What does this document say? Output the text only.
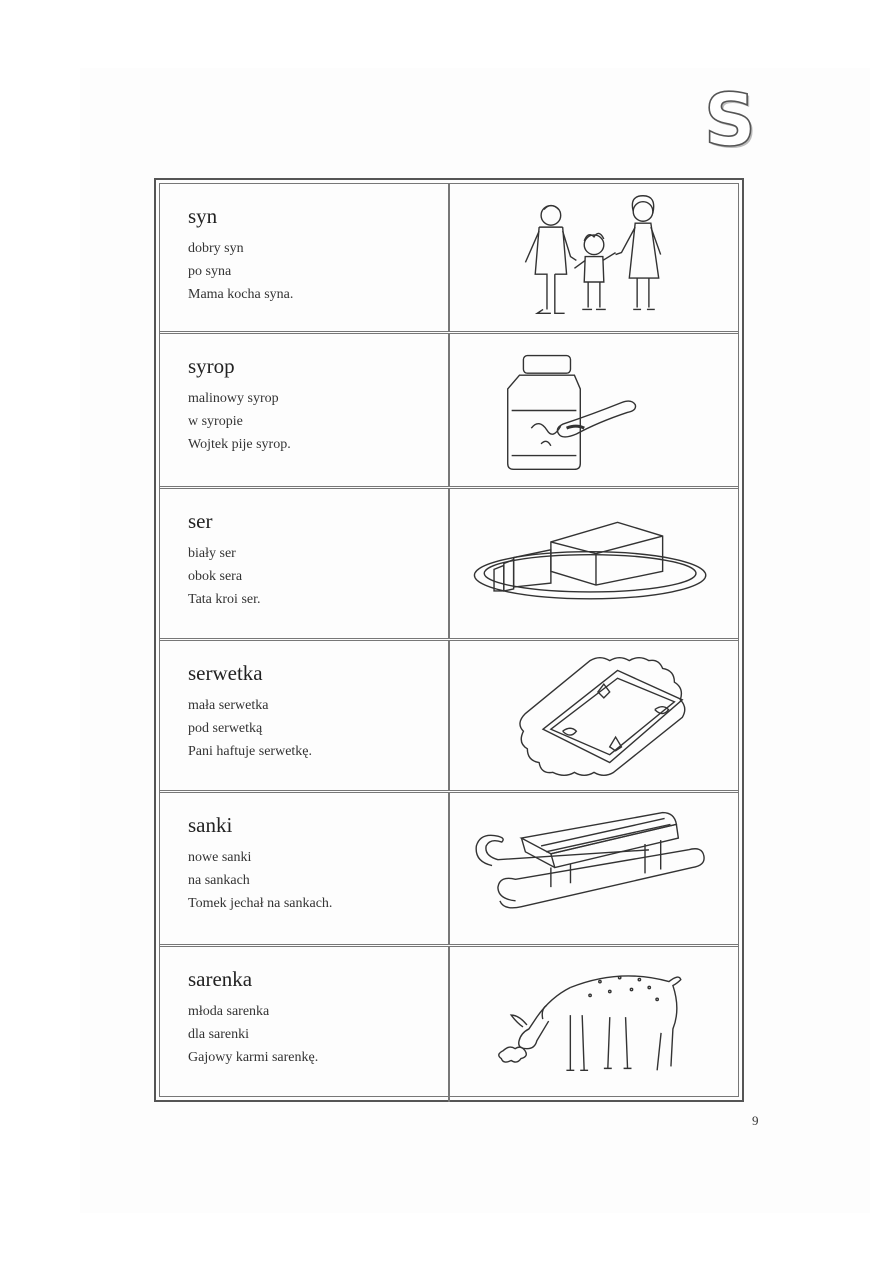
S
syn
dobry syn
po syna
Mama kocha syna.
syrop
malinowy syrop
w syropie
Wojtek pije syrop.
ser
biały ser
obok sera
Tata kroi ser.
serwetka
mała serwetka
pod serwetką
Pani haftuje serwetkę.
sanki
nowe sanki
na sankach
Tomek jechał na sankach.
sarenka
młoda sarenka
dla sarenki
Gajowy karmi sarenkę.
9
